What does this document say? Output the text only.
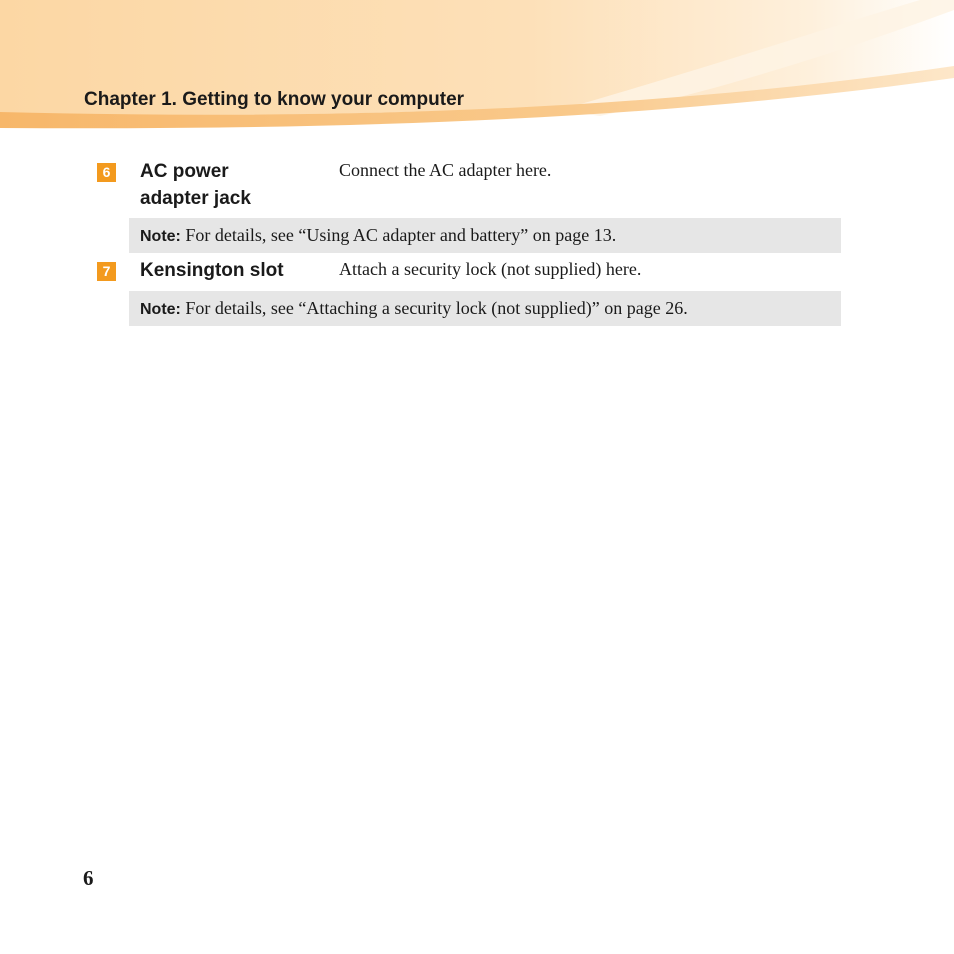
Chapter 1. Getting to know your computer
6 AC power
adapter jack
Connect the AC adapter here.
Note: For details, see “Using AC adapter and battery” on page 13.
7 Kensington slot	Attach a security lock (not supplied) here.
Note: For details, see “Attaching a security lock (not supplied)” on page 26.
6
